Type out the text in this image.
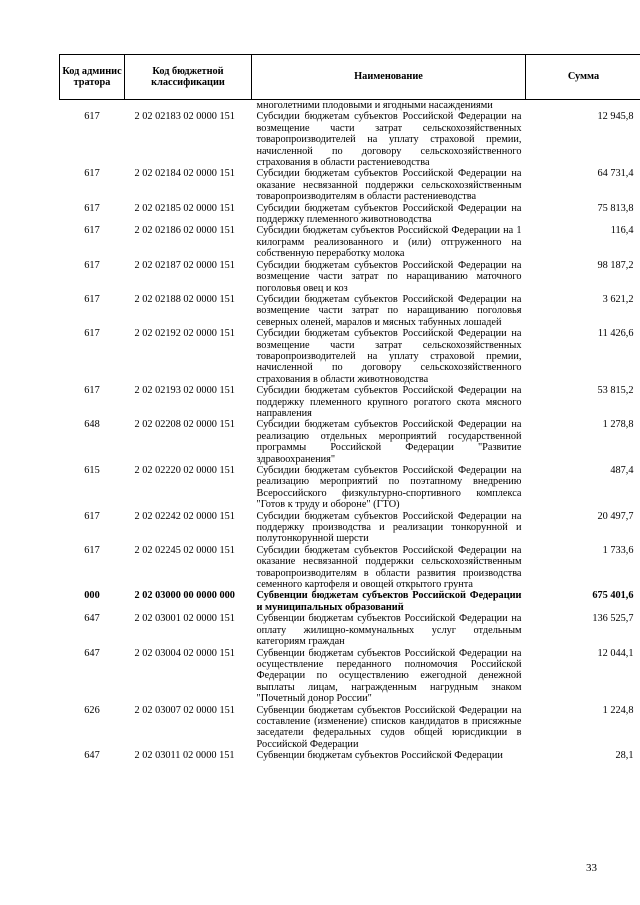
Код админис тратора	Код бюджетной классификации	Наименование	Сумма
		многолетними плодовыми и ягодными насаждениями	
617	2 02 02183 02 0000 151	Субсидии бюджетам субъектов Российской Федерации на возмещение части затрат сельскохозяйственных товаропроизводителей на уплату страховой премии, начисленной по договору сельскохозяйственного страхования в области растениеводства	12 945,8
617	2 02 02184 02 0000 151	Субсидии бюджетам субъектов Российской Федерации на оказание несвязанной поддержки сельскохозяйственным товаропроизводителям в области растениеводства	64 731,4
617	2 02 02185 02 0000 151	Субсидии бюджетам субъектов Российской Федерации на поддержку племенного животноводства	75 813,8
617	2 02 02186 02 0000 151	Субсидии бюджетам субъектов Российской Федерации на 1 килограмм реализованного и (или) отгруженного на собственную переработку молока	116,4
617	2 02 02187 02 0000 151	Субсидии бюджетам субъектов Российской Федерации на возмещение части затрат по наращиванию маточного поголовья овец и коз	98 187,2
617	2 02 02188 02 0000 151	Субсидии бюджетам субъектов Российской Федерации на возмещение части затрат по наращиванию поголовья северных оленей, маралов и мясных табунных лошадей	3 621,2
617	2 02 02192 02 0000 151	Субсидии бюджетам субъектов Российской Федерации на возмещение части затрат сельскохозяйственных товаропроизводителей на уплату страховой премии, начисленной по договору сельскохозяйственного страхования в области животноводства	11 426,6
617	2 02 02193 02 0000 151	Субсидии бюджетам субъектов Российской Федерации на поддержку племенного крупного рогатого скота мясного направления	53 815,2
648	2 02 02208 02 0000 151	Субсидии бюджетам субъектов Российской Федерации на реализацию отдельных мероприятий государственной программы Российской Федерации "Развитие здравоохранения"	1 278,8
615	2 02 02220 02 0000 151	Субсидии бюджетам субъектов Российской Федерации на реализацию мероприятий по поэтапному внедрению Всероссийского физкультурно-спортивного комплекса "Готов к труду и обороне" (ГТО)	487,4
617	2 02 02242 02 0000 151	Субсидии бюджетам субъектов Российской Федерации на поддержку производства и реализации тонкорунной и полутонкорунной шерсти	20 497,7
617	2 02 02245 02 0000 151	Субсидии бюджетам субъектов Российской Федерации на оказание несвязанной поддержки сельскохозяйственным товаропроизводителям в области развития производства семенного картофеля и овощей открытого грунта	1 733,6
000	2 02 03000 00 0000 000	Субвенции бюджетам субъектов Российской Федерации и муниципальных образований	675 401,6
647	2 02 03001 02 0000 151	Субвенции бюджетам субъектов Российской Федерации на оплату жилищно-коммунальных услуг отдельным категориям граждан	136 525,7
647	2 02 03004 02 0000 151	Субвенции бюджетам субъектов Российской Федерации на осуществление переданного полномочия Российской Федерации по осуществлению ежегодной денежной выплаты лицам, награжденным нагрудным знаком "Почетный донор России"	12 044,1
626	2 02 03007 02 0000 151	Субвенции бюджетам субъектов Российской Федерации на составление (изменение) списков кандидатов в присяжные заседатели федеральных судов общей юрисдикции в Российской Федерации	1 224,8
647	2 02 03011 02 0000 151	Субвенции бюджетам субъектов Российской Федерации	28,1
33
